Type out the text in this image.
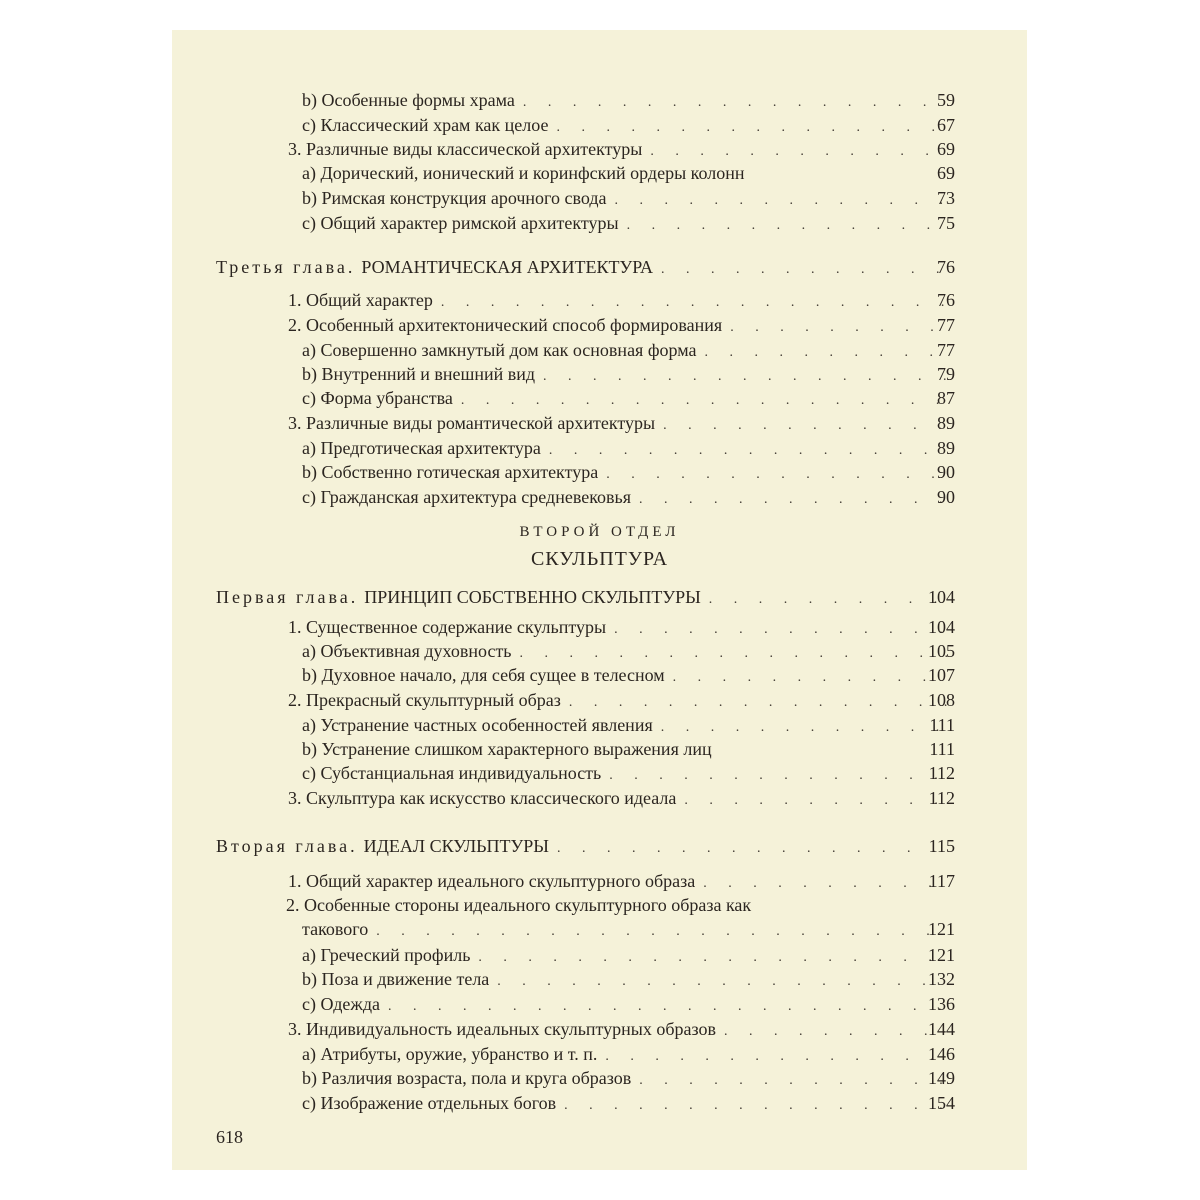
b) Особенные формы храма . . .	59
с) Классический храм как целое . . .	67
3. Различные виды классической архитектуры . . .	69
а) Дорический, ионический и коринфский ордеры колонн	69
b) Римская конструкция арочного свода . . .	73
с) Общий характер римской архитектуры . . .	75
Третья глава. РОМАНТИЧЕСКАЯ АРХИТЕКТУРА . . .	76
1. Общий характер . . .	76
2. Особенный архитектонический способ формирования . . .	77
а) Совершенно замкнутый дом как основная форма . . .	77
b) Внутренний и внешний вид . . .	79
с) Форма убранства . . .	87
3. Различные виды романтической архитектуры . . .	89
а) Предготическая архитектура . . .	89
b) Собственно готическая архитектура . . .	90
с) Гражданская архитектура средневековья . . .	90
ВТОРОЙ ОТДЕЛ
СКУЛЬПТУРА
Первая глава. ПРИНЦИП СОБСТВЕННО СКУЛЬПТУРЫ . . .	104
1. Существенное содержание скульптуры . . .	104
а) Объективная духовность . . .	105
b) Духовное начало, для себя сущее в телесном . . .	107
2. Прекрасный скульптурный образ . . .	108
а) Устранение частных особенностей явления . . .	111
b) Устранение слишком характерного выражения лиц	111
с) Субстанциальная индивидуальность . . .	112
3. Скульптура как искусство классического идеала . . .	112
Вторая глава. ИДЕАЛ СКУЛЬПТУРЫ . . .	115
1. Общий характер идеального скульптурного образа . . .	117
2. Особенные стороны идеального скульптурного образа как
такового . . .	121
а) Греческий профиль . . .	121
b) Поза и движение тела . . .	132
с) Одежда . . .	136
3. Индивидуальность идеальных скульптурных образов . . .	144
а) Атрибуты, оружие, убранство и т. п. . . .	146
b) Различия возраста, пола и круга образов . . .	149
с) Изображение отдельных богов . . .	154
618
